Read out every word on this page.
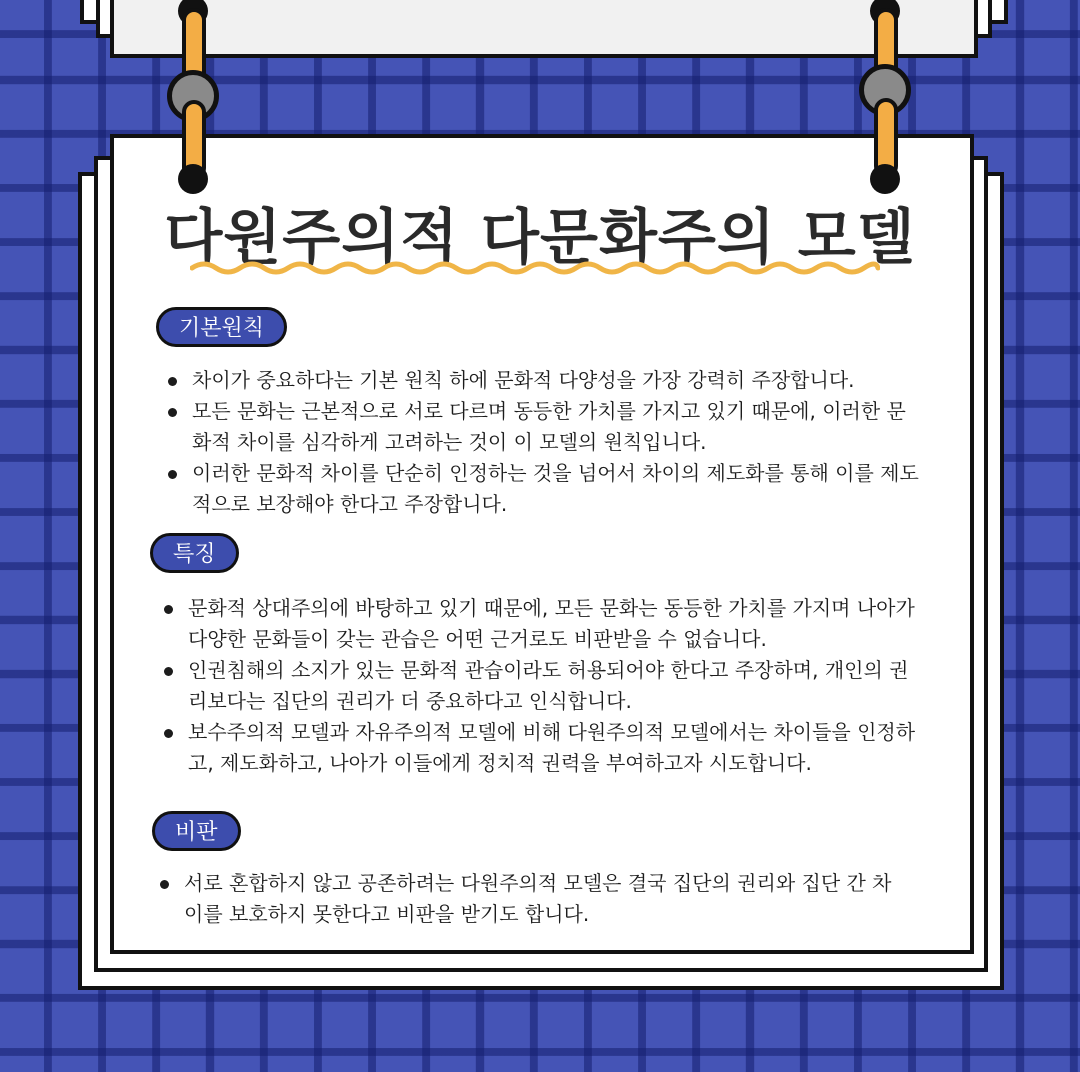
다원주의적 다문화주의 모델
기본원칙
차이가 중요하다는 기본 원칙 하에 문화적 다양성을 가장 강력히 주장합니다.
모든 문화는 근본적으로 서로 다르며 동등한 가치를 가지고 있기 때문에, 이러한 문화적 차이를 심각하게 고려하는 것이 이 모델의 원칙입니다.
이러한 문화적 차이를 단순히 인정하는 것을 넘어서 차이의 제도화를 통해 이를 제도적으로 보장해야 한다고 주장합니다.
특징
문화적 상대주의에 바탕하고 있기 때문에, 모든 문화는 동등한 가치를 가지며 나아가 다양한 문화들이 갖는 관습은 어떤 근거로도 비판받을 수 없습니다.
인권침해의 소지가 있는 문화적 관습이라도 허용되어야 한다고 주장하며, 개인의 권리보다는 집단의 권리가 더 중요하다고 인식합니다.
보수주의적 모델과 자유주의적 모델에 비해 다원주의적 모델에서는 차이들을 인정하고, 제도화하고, 나아가 이들에게 정치적 권력을 부여하고자 시도합니다.
비판
서로 혼합하지 않고 공존하려는 다원주의적 모델은 결국 집단의 권리와 집단 간 차이를 보호하지 못한다고 비판을 받기도 합니다.
